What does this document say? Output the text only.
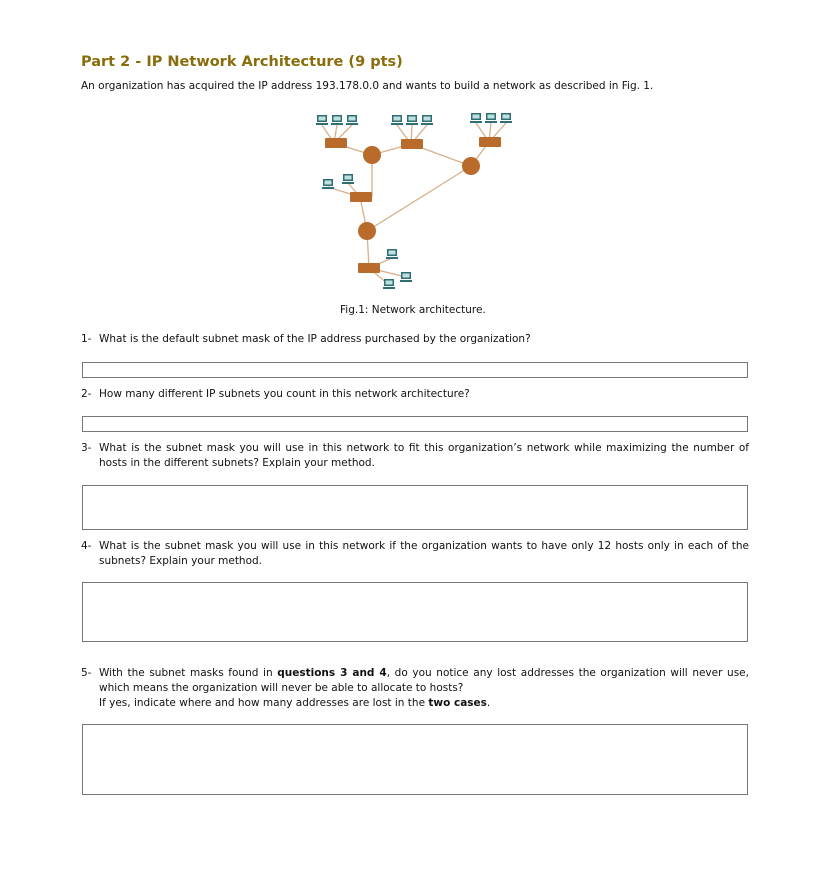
Part 2 - IP Network Architecture (9 pts)
An organization has acquired the IP address 193.178.0.0 and wants to build a network as described in Fig. 1.
Fig.1: Network architecture.
1- What is the default subnet mask of the IP address purchased by the organization?
2- How many different IP subnets you count in this network architecture?
3- What is the subnet mask you will use in this network to fit this organization’s network while maximizing the number of hosts in the different subnets? Explain your method.
4- What is the subnet mask you will use in this network if the organization wants to have only 12 hosts only in each of the subnets? Explain your method.
5- With the subnet masks found in questions 3 and 4, do you notice any lost addresses the organization will never use, which means the organization will never be able to allocate to hosts?
If yes, indicate where and how many addresses are lost in the two cases.
